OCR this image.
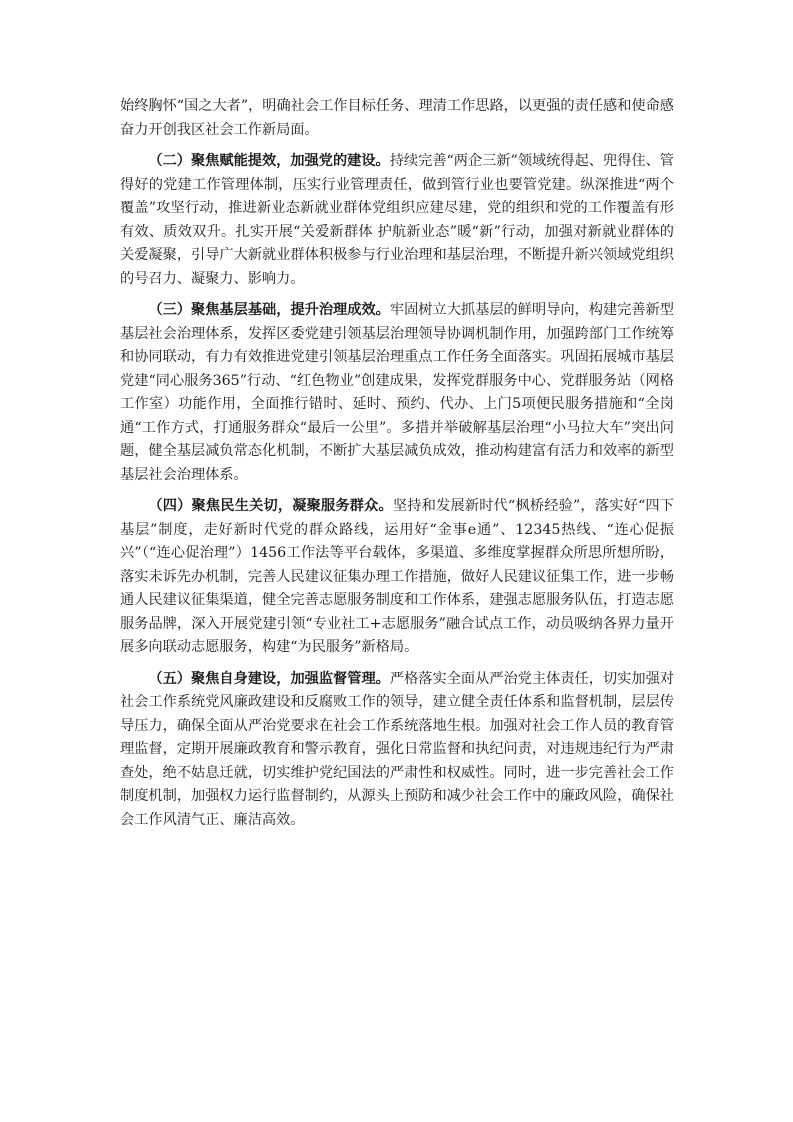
始终胸怀“国之大者”，明确社会工作目标任务、理清工作思路，以更强的责任感和使命感奋力开创我区社会工作新局面。

（二）聚焦赋能提效，加强党的建设。持续完善“两企三新”领域统得起、兜得住、管得好的党建工作管理体制，压实行业管理责任，做到管行业也要管党建。纵深推进“两个覆盖”攻坚行动，推进新业态新就业群体党组织应建尽建，党的组织和党的工作覆盖有形有效、质效双升。扎实开展“关爱新群体 护航新业态”暖“新”行动，加强对新就业群体的关爱凝聚，引导广大新就业群体积极参与行业治理和基层治理，不断提升新兴领域党组织的号召力、凝聚力、影响力。

（三）聚焦基层基础，提升治理成效。牢固树立大抓基层的鲜明导向，构建完善新型基层社会治理体系，发挥区委党建引领基层治理领导协调机制作用，加强跨部门工作统筹和协同联动，有力有效推进党建引领基层治理重点工作任务全面落实。巩固拓展城市基层党建“同心服务365”行动、“红色物业”创建成果，发挥党群服务中心、党群服务站（网格工作室）功能作用，全面推行错时、延时、预约、代办、上门5项便民服务措施和“全岗通“工作方式，打通服务群众“最后一公里”。多措并举破解基层治理“小马拉大车”突出问题，健全基层减负常态化机制，不断扩大基层减负成效，推动构建富有活力和效率的新型基层社会治理体系。

（四）聚焦民生关切，凝聚服务群众。坚持和发展新时代“枫桥经验”，落实好“四下基层”制度，走好新时代党的群众路线，运用好“金事e通”、12345热线、“连心促振兴”（“连心促治理”）1456工作法等平台载体，多渠道、多维度掌握群众所思所想所盼，落实未诉先办机制，完善人民建议征集办理工作措施，做好人民建议征集工作，进一步畅通人民建议征集渠道，健全完善志愿服务制度和工作体系，建强志愿服务队伍，打造志愿服务品牌，深入开展党建引领“专业社工+志愿服务”融合试点工作，动员吸纳各界力量开展多向联动志愿服务，构建“为民服务”新格局。

（五）聚焦自身建设，加强监督管理。严格落实全面从严治党主体责任，切实加强对社会工作系统党风廉政建设和反腐败工作的领导，建立健全责任体系和监督机制，层层传导压力，确保全面从严治党要求在社会工作系统落地生根。加强对社会工作人员的教育管理监督，定期开展廉政教育和警示教育，强化日常监督和执纪问责，对违规违纪行为严肃查处，绝不姑息迁就，切实维护党纪国法的严肃性和权威性。同时，进一步完善社会工作制度机制，加强权力运行监督制约，从源头上预防和减少社会工作中的廉政风险，确保社会工作风清气正、廉洁高效。
